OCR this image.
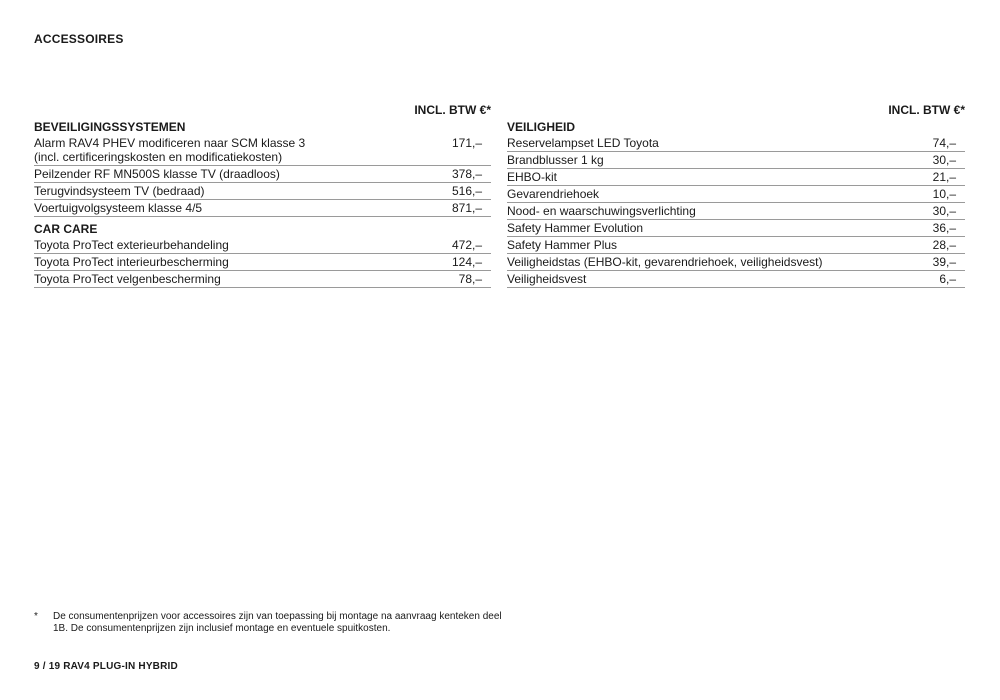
ACCESSOIRES
INCL. BTW €*
BEVEILIGINGSSYSTEMEN
Alarm RAV4 PHEV modificeren naar SCM klasse 3
(incl. certificeringskosten en modificatiekosten)
171,–
Peilzender RF MN500S klasse TV (draadloos)	378,–
Terugvindsysteem TV (bedraad)	516,–
Voertuigvolgsysteem klasse 4/5	871,–
CAR CARE
Toyota ProTect exterieurbehandeling	472,–
Toyota ProTect interieurbescherming	124,–
Toyota ProTect velgenbescherming	78,–
INCL. BTW €*
VEILIGHEID
Reservelampset LED Toyota	74,–
Brandblusser 1 kg	30,–
EHBO-kit	21,–
Gevarendriehoek	10,–
Nood- en waarschuwingsverlichting	30,–
Safety Hammer Evolution	36,–
Safety Hammer Plus	28,–
Veiligheidstas (EHBO-kit, gevarendriehoek, veiligheidsvest)	39,–
Veiligheidsvest	6,–
*	De consumentenprijzen voor accessoires zijn van toepassing bij montage na aanvraag kenteken deel 1B. De consumentenprijzen zijn inclusief montage en eventuele spuitkosten.
9 / 19 RAV4 PLUG-IN HYBRID
